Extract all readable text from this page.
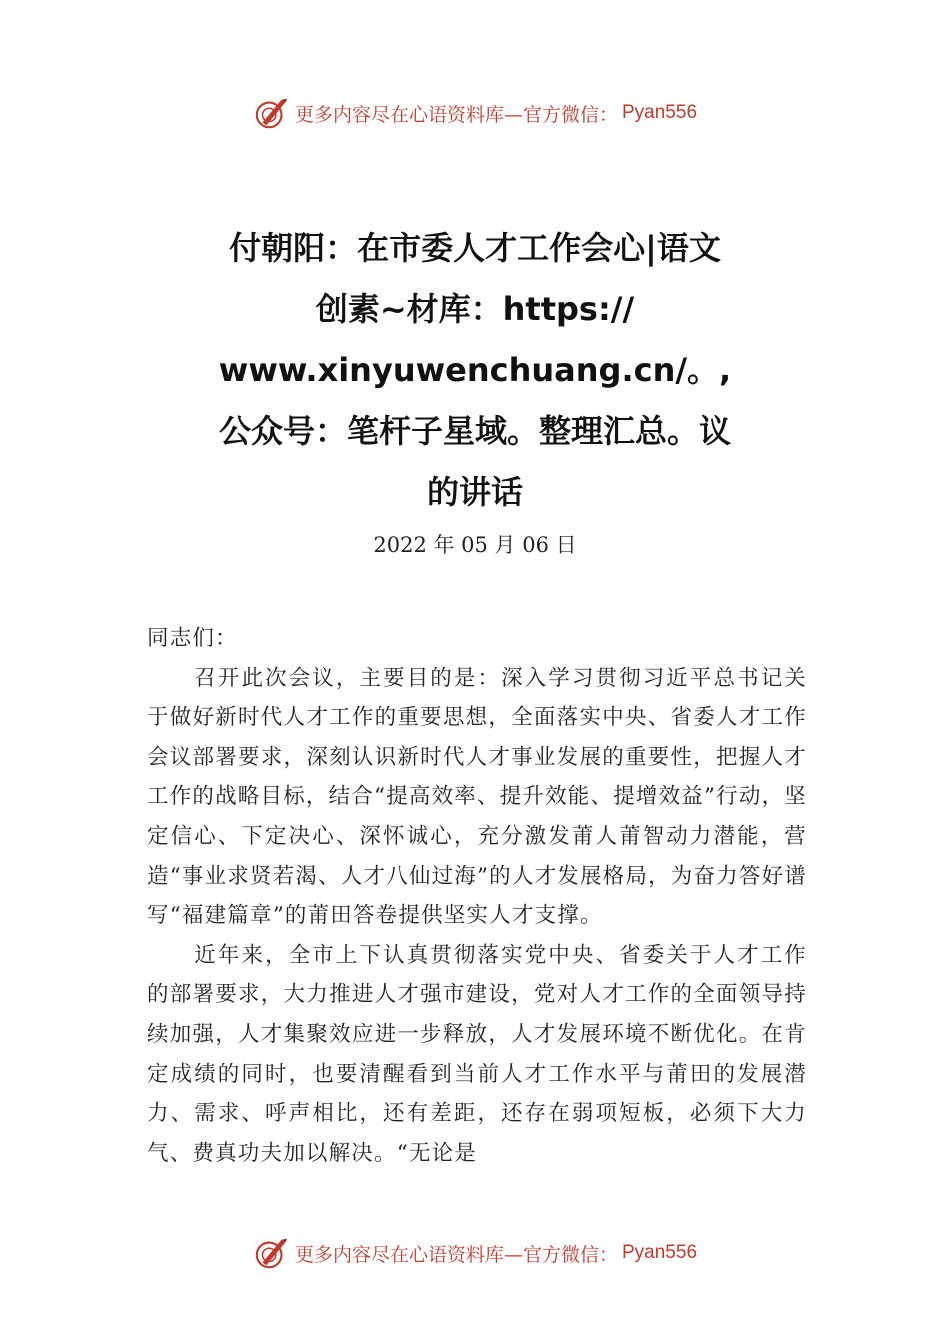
更多内容尽在心语资料库—官方微信： Pyan556
付朝阳：在市委人才工作会心|语文
创素~材库：https://
www.xinyuwenchuang.cn/。,
公众号：笔杆子星域。整理汇总。议
的讲话
2022 年 05 月 06 日

同志们：

召开此次会议，主要目的是：深入学习贯彻习近平总书记关于做好新时代人才工作的重要思想，全面落实中央、省委人才工作会议部署要求，深刻认识新时代人才事业发展的重要性，把握人才工作的战略目标，结合“提高效率、提升效能、提增效益”行动，坚定信心、下定决心、深怀诚心，充分激发莆人莆智动力潜能，营造“事业求贤若渴、人才八仙过海”的人才发展格局，为奋力答好谱写“福建篇章”的莆田答卷提供坚实人才支撑。

近年来，全市上下认真贯彻落实党中央、省委关于人才工作的部署要求，大力推进人才强市建设，党对人才工作的全面领导持续加强，人才集聚效应进一步释放，人才发展环境不断优化。在肯定成绩的同时，也要清醒看到当前人才工作水平与莆田的发展潜力、需求、呼声相比，还有差距，还存在弱项短板，必须下大力气、费真功夫加以解决。“无论是

更多内容尽在心语资料库—官方微信： Pyan556
